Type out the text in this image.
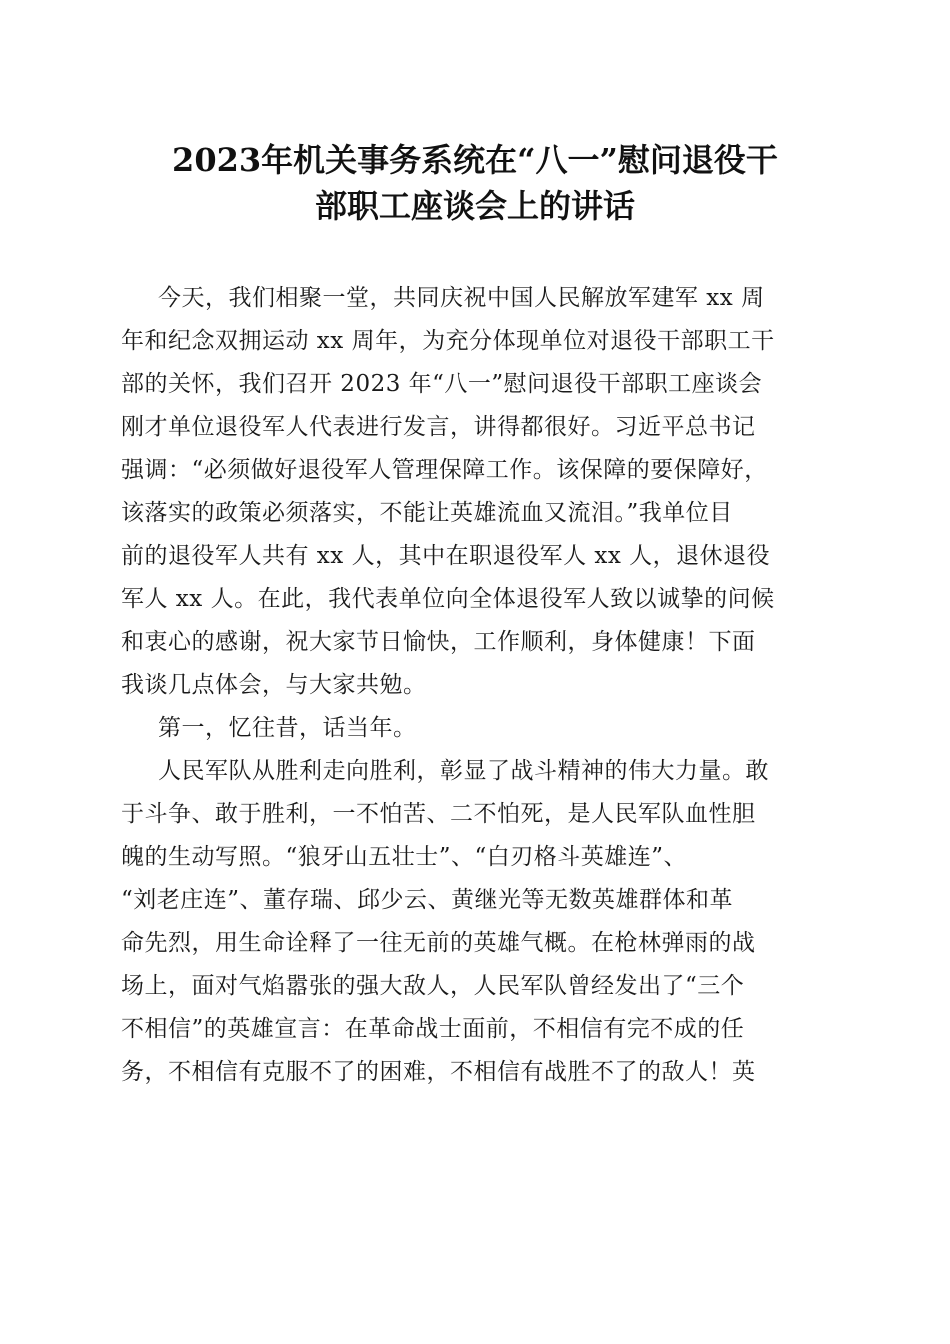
2023年机关事务系统在“八一”慰问退役干
部职工座谈会上的讲话
今天，我们相聚一堂，共同庆祝中国人民解放军建军 xx 周
年和纪念双拥运动 xx 周年，为充分体现单位对退役干部职工干
部的关怀，我们召开 2023 年“八一”慰问退役干部职工座谈会
刚才单位退役军人代表进行发言，讲得都很好。习近平总书记
强调：“必须做好退役军人管理保障工作。该保障的要保障好，
该落实的政策必须落实，不能让英雄流血又流泪。”我单位目
前的退役军人共有 xx 人，其中在职退役军人 xx 人，退休退役
军人 xx 人。在此，我代表单位向全体退役军人致以诚挚的问候
和衷心的感谢，祝大家节日愉快，工作顺利，身体健康！下面
我谈几点体会，与大家共勉。
第一，忆往昔，话当年。
人民军队从胜利走向胜利，彰显了战斗精神的伟大力量。敢
于斗争、敢于胜利，一不怕苦、二不怕死，是人民军队血性胆
魄的生动写照。“狼牙山五壮士”、“白刃格斗英雄连”、
“刘老庄连”、董存瑞、邱少云、黄继光等无数英雄群体和革
命先烈，用生命诠释了一往无前的英雄气概。在枪林弹雨的战
场上，面对气焰嚣张的强大敌人，人民军队曾经发出了“三个
不相信”的英雄宣言：在革命战士面前，不相信有完不成的任
务，不相信有克服不了的困难，不相信有战胜不了的敌人！英
